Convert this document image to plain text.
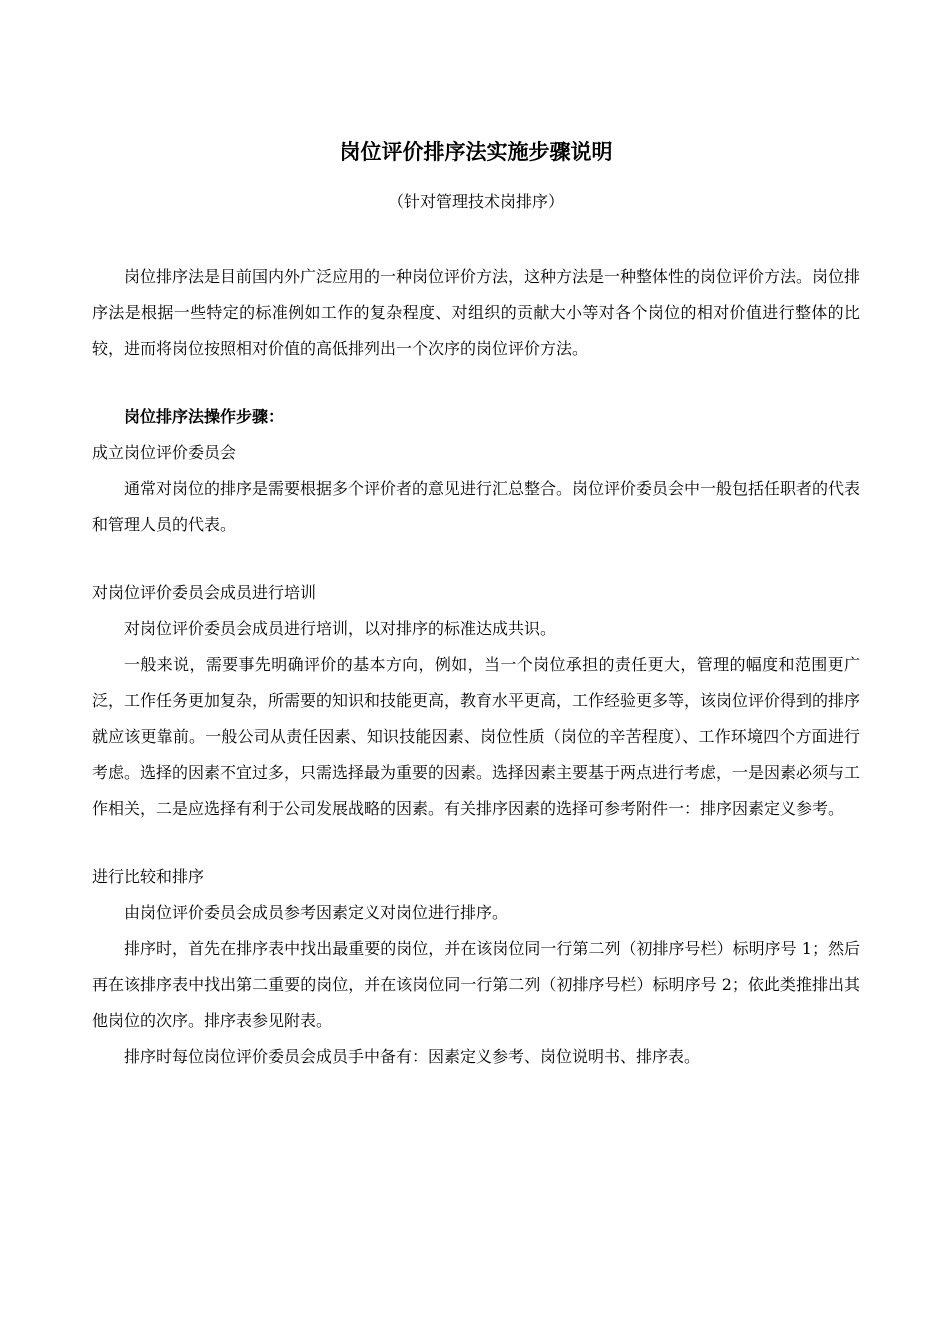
岗位评价排序法实施步骤说明
（针对管理技术岗排序）

岗位排序法是目前国内外广泛应用的一种岗位评价方法，这种方法是一种整体性的岗位评价方法。岗位排序法是根据一些特定的标准例如工作的复杂程度、对组织的贡献大小等对各个岗位的相对价值进行整体的比较，进而将岗位按照相对价值的高低排列出一个次序的岗位评价方法。

岗位排序法操作步骤：

成立岗位评价委员会

通常对岗位的排序是需要根据多个评价者的意见进行汇总整合。岗位评价委员会中一般包括任职者的代表和管理人员的代表。

对岗位评价委员会成员进行培训

对岗位评价委员会成员进行培训，以对排序的标准达成共识。

一般来说，需要事先明确评价的基本方向，例如，当一个岗位承担的责任更大，管理的幅度和范围更广泛，工作任务更加复杂，所需要的知识和技能更高，教育水平更高，工作经验更多等，该岗位评价得到的排序就应该更靠前。一般公司从责任因素、知识技能因素、岗位性质（岗位的辛苦程度）、工作环境四个方面进行考虑。选择的因素不宜过多，只需选择最为重要的因素。选择因素主要基于两点进行考虑，一是因素必须与工作相关，二是应选择有利于公司发展战略的因素。有关排序因素的选择可参考附件一：排序因素定义参考。

进行比较和排序

由岗位评价委员会成员参考因素定义对岗位进行排序。

排序时，首先在排序表中找出最重要的岗位，并在该岗位同一行第二列（初排序号栏）标明序号 1；然后再在该排序表中找出第二重要的岗位，并在该岗位同一行第二列（初排序号栏）标明序号 2；依此类推排出其他岗位的次序。排序表参见附表。

排序时每位岗位评价委员会成员手中备有：因素定义参考、岗位说明书、排序表。
